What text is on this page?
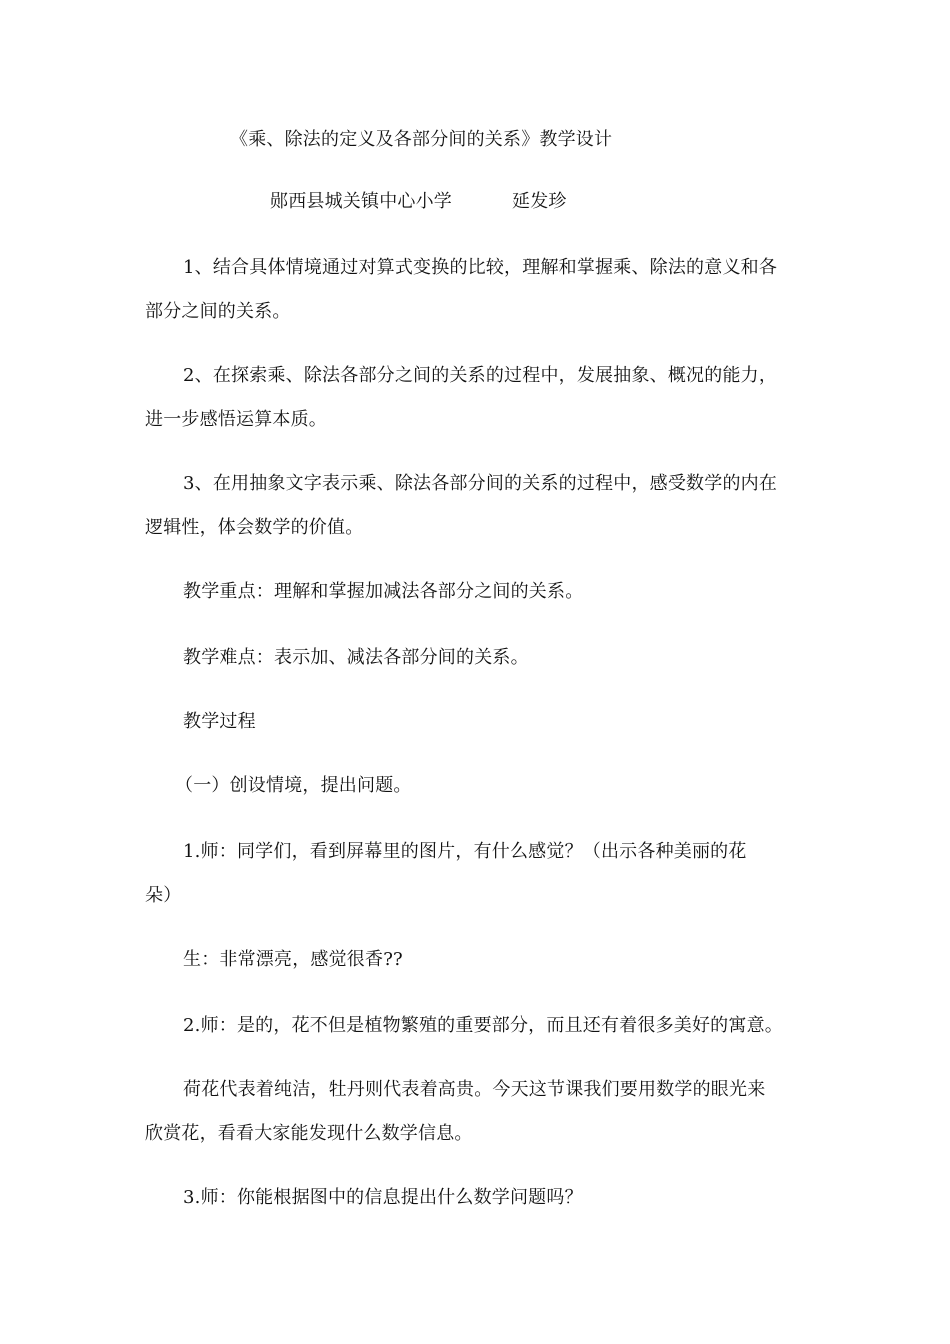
《乘、除法的定义及各部分间的关系》教学设计
郧西县城关镇中心小学	延发珍
1、结合具体情境通过对算式变换的比较，理解和掌握乘、除法的意义和各
部分之间的关系。
2、在探索乘、除法各部分之间的关系的过程中，发展抽象、概况的能力，
进一步感悟运算本质。
3、在用抽象文字表示乘、除法各部分间的关系的过程中，感受数学的内在
逻辑性，体会数学的价值。
教学重点：理解和掌握加减法各部分之间的关系。
教学难点：表示加、减法各部分间的关系。
教学过程
（一）创设情境，提出问题。
1.师：同学们，看到屏幕里的图片，有什么感觉？（出示各种美丽的花
朵）
生：非常漂亮，感觉很香??
2.师：是的，花不但是植物繁殖的重要部分，而且还有着很多美好的寓意。
荷花代表着纯洁，牡丹则代表着高贵。今天这节课我们要用数学的眼光来
欣赏花，看看大家能发现什么数学信息。
3.师：你能根据图中的信息提出什么数学问题吗？
